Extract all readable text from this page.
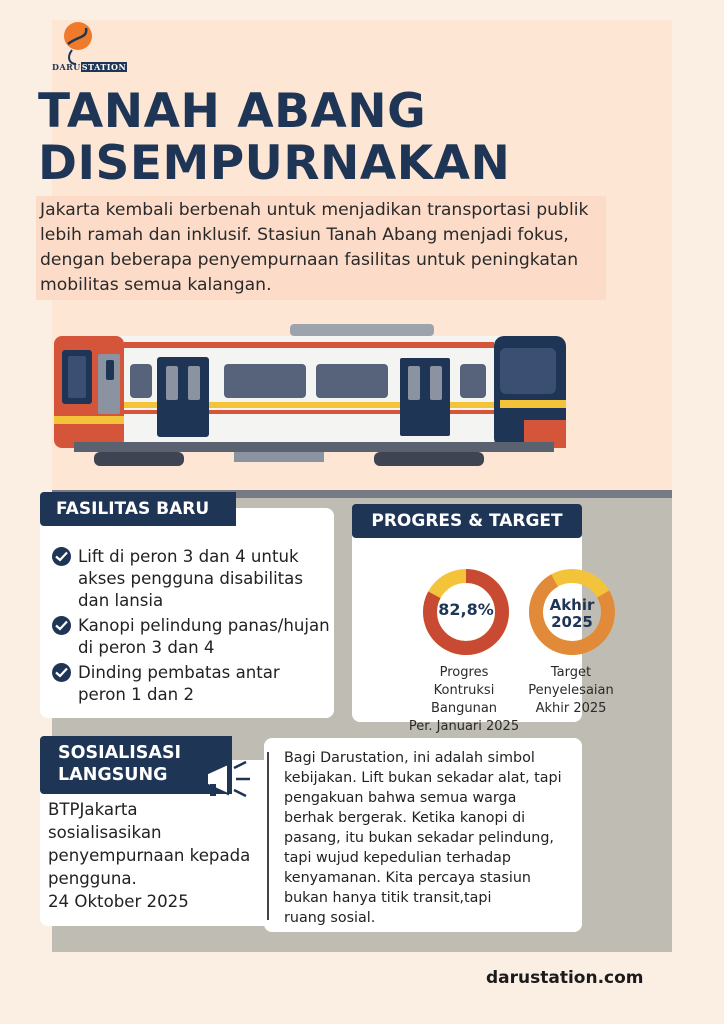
DARUSTATION
TANAH ABANG
DISEMPURNAKAN
Jakarta kembali berbenah untuk menjadikan transportasi publik lebih ramah dan inklusif. Stasiun Tanah Abang menjadi fokus, dengan beberapa penyempurnaan fasilitas untuk peningkatan mobilitas semua kalangan.
FASILITAS BARU
Lift di peron 3 dan 4 untuk akses pengguna disabilitas dan lansia
Kanopi pelindung panas/hujan di peron 3 dan 4
Dinding pembatas antar peron 1 dan 2
PROGRES & TARGET
82,8%	Akhir
2025
Progres
Kontruksi
Bangunan
Per. Januari 2025
Target
Penyelesaian
Akhir 2025
SOSIALISASI
LANGSUNG
BTPJakarta
sosialisasikan
penyempurnaan kepada
pengguna.
24 Oktober 2025
Bagi Darustation, ini adalah simbol
kebijakan. Lift bukan sekadar alat, tapi
pengakuan bahwa semua warga
berhak bergerak. Ketika kanopi di
pasang, itu bukan sekadar pelindung,
tapi wujud kepedulian terhadap
kenyamanan. Kita percaya stasiun
bukan hanya titik transit,tapi
ruang sosial.
darustation.com
